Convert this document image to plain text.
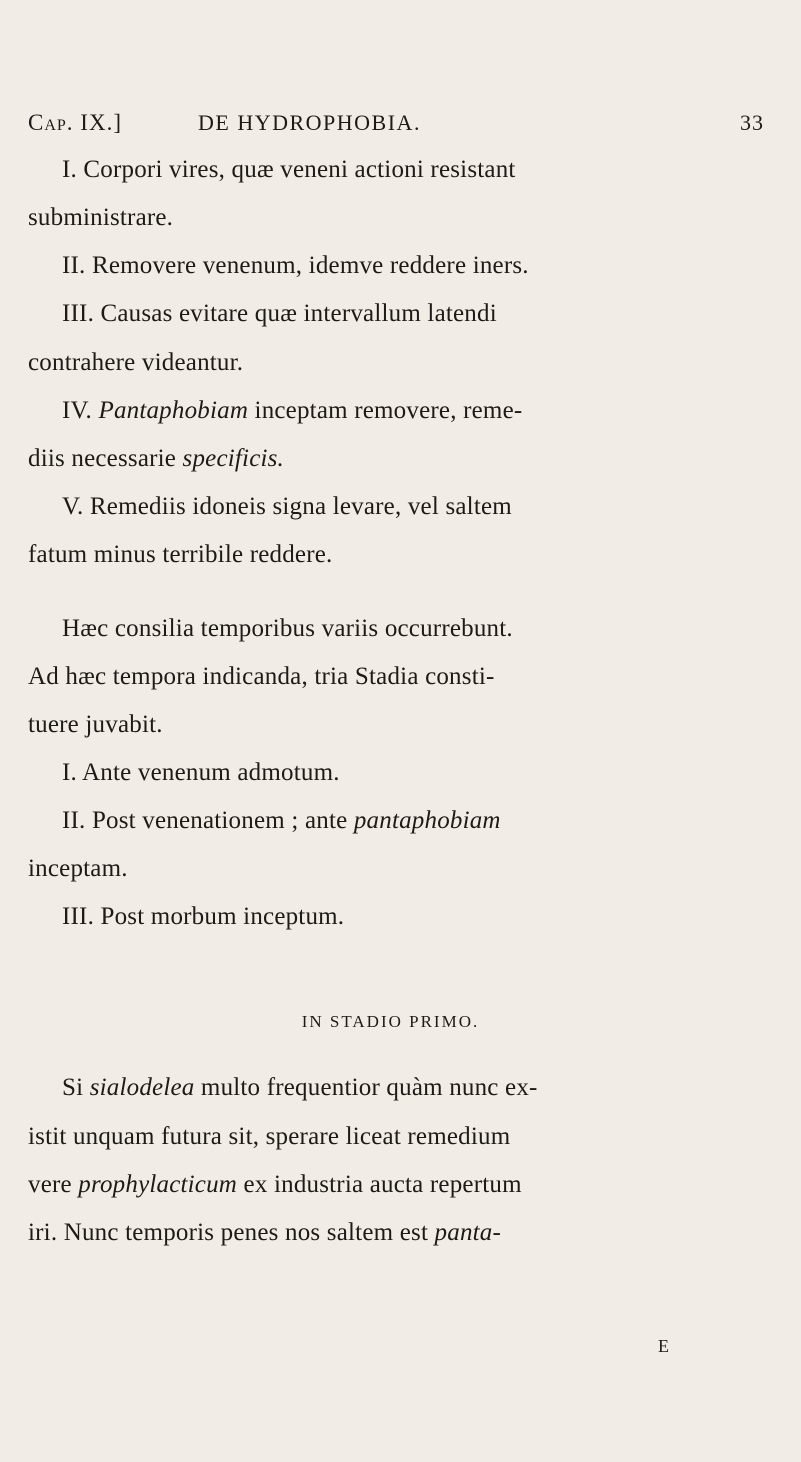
Cap. IX.]	DE HYDROPHOBIA.	33
I. Corpori vires, quæ veneni actioni resistant
subministrare.
II. Removere venenum, idemve reddere iners.
III. Causas evitare quæ intervallum latendi
contrahere videantur.
IV. Pantaphobiam inceptam removere, reme-
diis necessarie specificis.
V. Remediis idoneis signa levare, vel saltem
fatum minus terribile reddere.
Hæc consilia temporibus variis occurrebunt.
Ad hæc tempora indicanda, tria Stadia consti-
tuere juvabit.
I. Ante venenum admotum.
II. Post venenationem ; ante pantaphobiam
inceptam.
III. Post morbum inceptum.
IN STADIO PRIMO.
Si sialodelea multo frequentior quàm nunc ex-
istit unquam futura sit, sperare liceat remedium
vere prophylacticum ex industria aucta repertum
iri. Nunc temporis penes nos saltem est panta-
E
